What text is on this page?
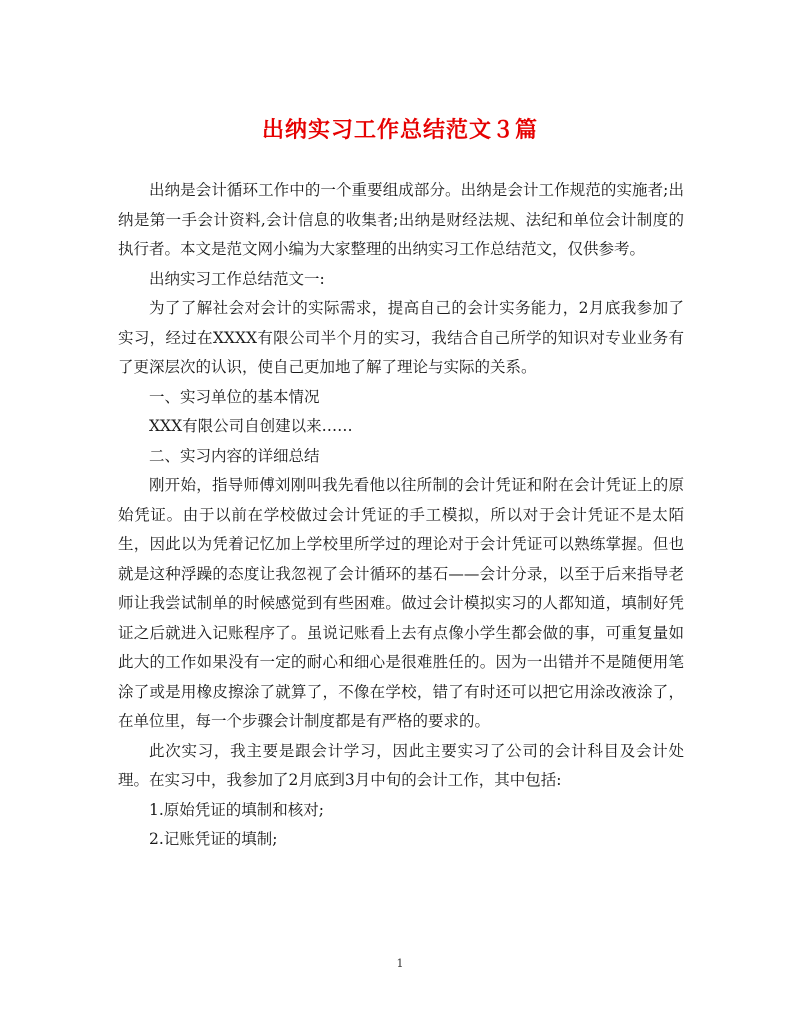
出纳实习工作总结范文３篇

出纳是会计循环工作中的一个重要组成部分。出纳是会计工作规范的实施者;出纳是第一手会计资料,会计信息的收集者;出纳是财经法规、法纪和单位会计制度的执行者。本文是范文网小编为大家整理的出纳实习工作总结范文，仅供参考。

出纳实习工作总结范文一:

为了了解社会对会计的实际需求，提高自己的会计实务能力，2月底我参加了实习，经过在XXXX有限公司半个月的实习，我结合自己所学的知识对专业业务有了更深层次的认识，使自己更加地了解了理论与实际的关系。

一、实习单位的基本情况

XXX有限公司自创建以来……

二、实习内容的详细总结

刚开始，指导师傅刘刚叫我先看他以往所制的会计凭证和附在会计凭证上的原始凭证。由于以前在学校做过会计凭证的手工模拟，所以对于会计凭证不是太陌生，因此以为凭着记忆加上学校里所学过的理论对于会计凭证可以熟练掌握。但也就是这种浮躁的态度让我忽视了会计循环的基石——会计分录，以至于后来指导老师让我尝试制单的时候感觉到有些困难。做过会计模拟实习的人都知道，填制好凭证之后就进入记账程序了。虽说记账看上去有点像小学生都会做的事，可重复量如此大的工作如果没有一定的耐心和细心是很难胜任的。因为一出错并不是随便用笔涂了或是用橡皮擦涂了就算了，不像在学校，错了有时还可以把它用涂改液涂了，在单位里，每一个步骤会计制度都是有严格的要求的。

此次实习，我主要是跟会计学习，因此主要实习了公司的会计科目及会计处理。在实习中，我参加了2月底到3月中旬的会计工作，其中包括:

1.原始凭证的填制和核对;

2.记账凭证的填制;

1
